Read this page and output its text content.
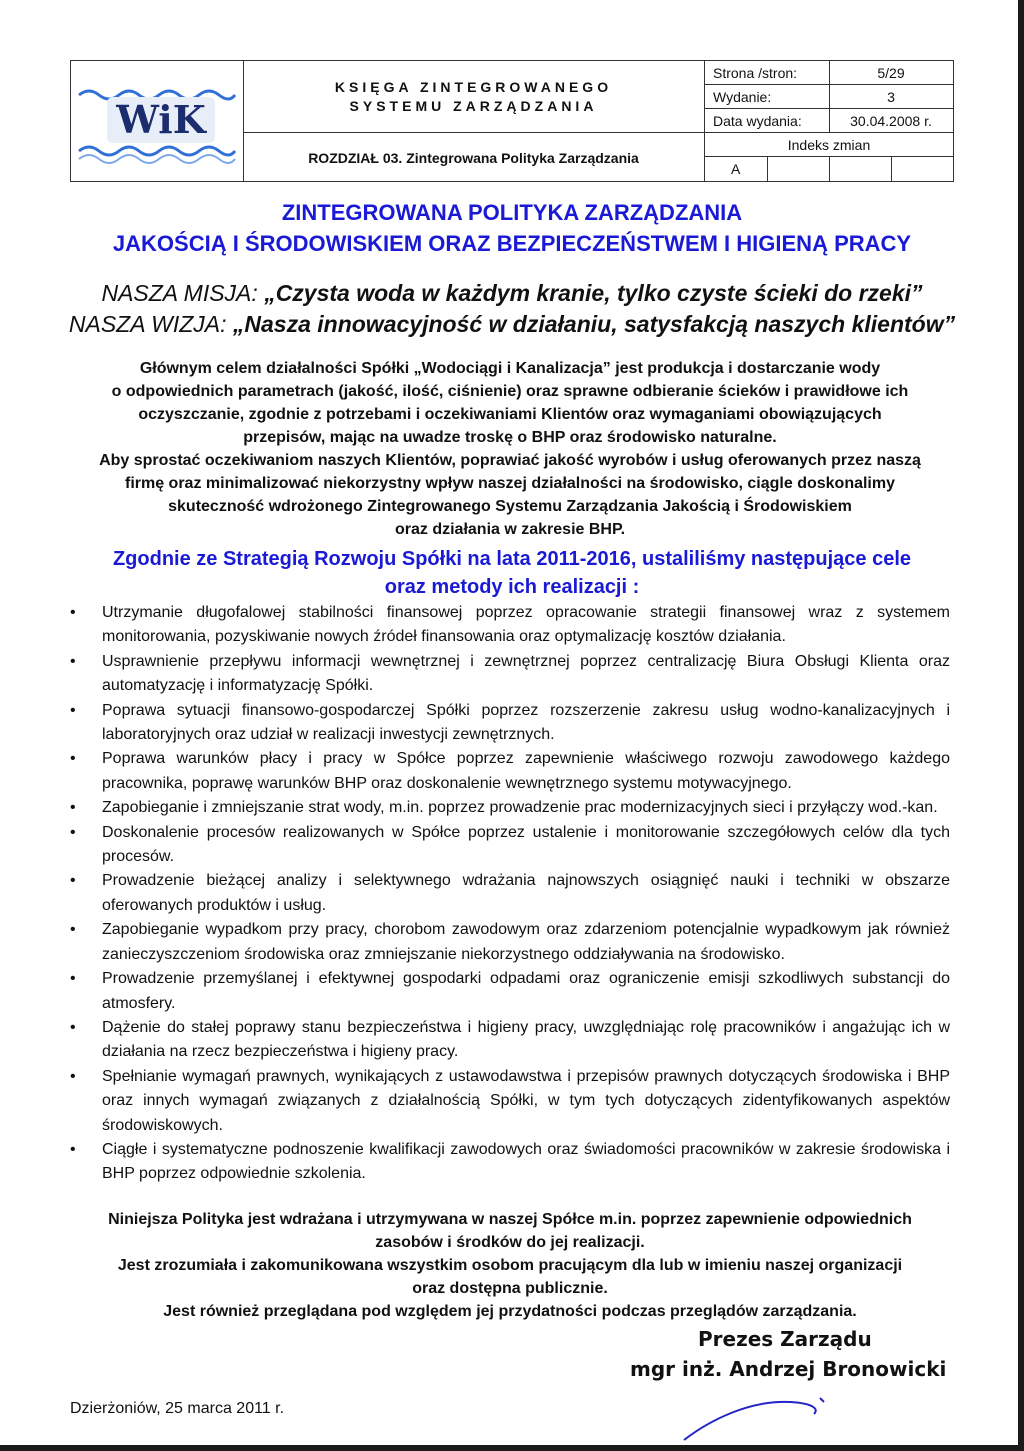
WiK
KSIĘGA ZINTEGROWANEGO
SYSTEMU ZARZĄDZANIA
ROZDZIAŁ 03. Zintegrowana Polityka Zarządzania
Strona /stron:	5/29
Wydanie:	3
Data wydania:	30.04.2008 r.
Indeks zmian
A
ZINTEGROWANA POLITYKA ZARZĄDZANIA
JAKOŚCIĄ I ŚRODOWISKIEM ORAZ BEZPIECZEŃSTWEM I HIGIENĄ PRACY
NASZA MISJA: „Czysta woda w każdym kranie, tylko czyste ścieki do rzeki”
NASZA WIZJA: „Nasza innowacyjność w działaniu, satysfakcją naszych klientów”
Głównym celem działalności Spółki „Wodociągi i Kanalizacja” jest produkcja i dostarczanie wody
o odpowiednich parametrach (jakość, ilość, ciśnienie) oraz sprawne odbieranie ścieków i prawidłowe ich
oczyszczanie, zgodnie z potrzebami i oczekiwaniami Klientów oraz wymaganiami obowiązujących
przepisów, mając na uwadze troskę o BHP oraz środowisko naturalne.
Aby sprostać oczekiwaniom naszych Klientów, poprawiać jakość wyrobów i usług oferowanych przez naszą
firmę oraz minimalizować niekorzystny wpływ naszej działalności na środowisko, ciągle doskonalimy
skuteczność wdrożonego Zintegrowanego Systemu Zarządzania Jakością i Środowiskiem
oraz działania w zakresie BHP.
Zgodnie ze Strategią Rozwoju Spółki na lata 2011-2016, ustaliliśmy następujące cele
oraz metody ich realizacji :
• Utrzymanie długofalowej stabilności finansowej poprzez opracowanie strategii finansowej wraz z systemem monitorowania, pozyskiwanie nowych źródeł finansowania oraz optymalizację kosztów działania.
• Usprawnienie przepływu informacji wewnętrznej i zewnętrznej poprzez centralizację Biura Obsługi Klienta oraz automatyzację i informatyzację Spółki.
• Poprawa sytuacji finansowo-gospodarczej Spółki poprzez rozszerzenie zakresu usług wodno-kanalizacyjnych i laboratoryjnych oraz udział w realizacji inwestycji zewnętrznych.
• Poprawa warunków płacy i pracy w Spółce poprzez zapewnienie właściwego rozwoju zawodowego każdego pracownika, poprawę warunków BHP oraz doskonalenie wewnętrznego systemu motywacyjnego.
• Zapobieganie i zmniejszanie strat wody, m.in. poprzez prowadzenie prac modernizacyjnych sieci i przyłączy wod.-kan.
• Doskonalenie procesów realizowanych w Spółce poprzez ustalenie i monitorowanie szczegółowych celów dla tych procesów.
• Prowadzenie bieżącej analizy i selektywnego wdrażania najnowszych osiągnięć nauki i techniki w obszarze oferowanych produktów i usług.
• Zapobieganie wypadkom przy pracy, chorobom zawodowym oraz zdarzeniom potencjalnie wypadkowym jak również zanieczyszczeniom środowiska oraz zmniejszanie niekorzystnego oddziaływania na środowisko.
• Prowadzenie przemyślanej i efektywnej gospodarki odpadami oraz ograniczenie emisji szkodliwych substancji do atmosfery.
• Dążenie do stałej poprawy stanu bezpieczeństwa i higieny pracy, uwzględniając rolę pracowników i angażując ich w działania na rzecz bezpieczeństwa i higieny pracy.
• Spełnianie wymagań prawnych, wynikających z ustawodawstwa i przepisów prawnych dotyczących środowiska i BHP oraz innych wymagań związanych z działalnością Spółki, w tym tych dotyczących zidentyfikowanych aspektów środowiskowych.
• Ciągłe i systematyczne podnoszenie kwalifikacji zawodowych oraz świadomości pracowników w zakresie środowiska i BHP poprzez odpowiednie szkolenia.
Niniejsza Polityka jest wdrażana i utrzymywana w naszej Spółce m.in. poprzez zapewnienie odpowiednich
zasobów i środków do jej realizacji.
Jest zrozumiała i zakomunikowana wszystkim osobom pracującym dla lub w imieniu naszej organizacji
oraz dostępna publicznie.
Jest również przeglądana pod względem jej przydatności podczas przeglądów zarządzania.
Prezes Zarządu
mgr inż. Andrzej Bronowicki
Dzierżoniów, 25 marca 2011 r.
